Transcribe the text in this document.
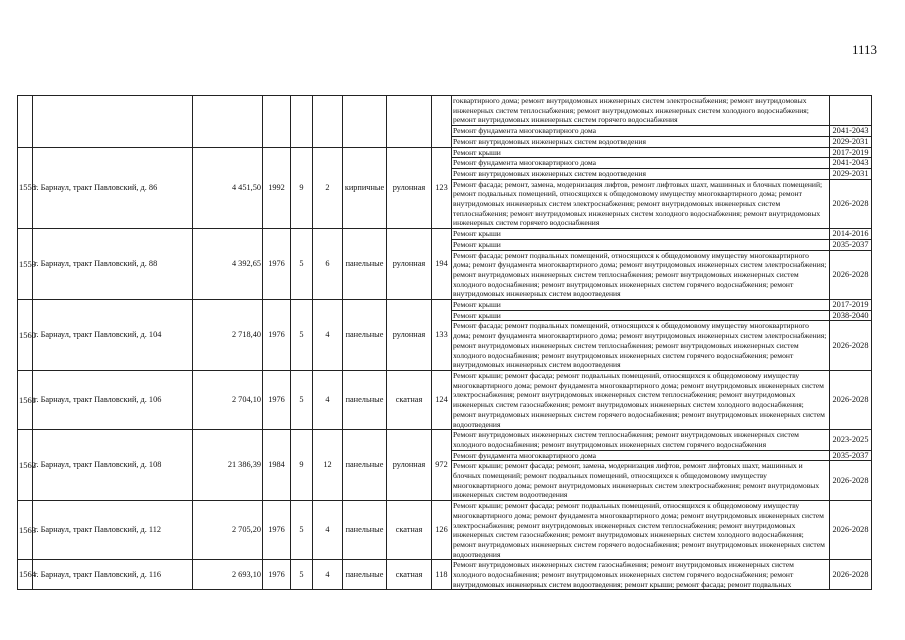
1113
									гоквартирного дома; ремонт внутридомовых инженерных систем электроснабжения; ремонт внутридомовых инженерных систем теплоснабжения; ремонт внутридомовых инженерных систем холодного водоснабжения; ремонт внутридомовых инженерных систем горячего водоснабжения	
									Ремонт фундамента многоквартирного дома	2041-2043
									Ремонт внутридомовых инженерных систем водоотведения	2029-2031
1558	г. Барнаул, тракт Павловский, д. 86	4 451,50	1992	9	2	кирпичные	рулонная	123	Ремонт крыши	2017-2019
									Ремонт фундамента многоквартирного дома	2041-2043
									Ремонт внутридомовых инженерных систем водоотведения	2029-2031
									Ремонт фасада; ремонт, замена, модернизация лифтов, ремонт лифтовых шахт, машинных и блочных помещений; ремонт подвальных помещений, относящихся к общедомовому имуществу многоквартирного дома; ремонт внутридомовых инженерных систем электроснабжения; ремонт внутридомовых инженерных систем теплоснабжения; ремонт внутридомовых инженерных систем холодного водоснабжения; ремонт внутридомовых инженерных систем горячего водоснабжения	2026-2028
1559	г. Барнаул, тракт Павловский, д. 88	4 392,65	1976	5	6	панельные	рулонная	194	Ремонт крыши	2014-2016
									Ремонт крыши	2035-2037
									Ремонт фасада; ремонт подвальных помещений, относящихся к общедомовому имуществу многоквартирного дома; ремонт фундамента многоквартирного дома; ремонт внутридомовых инженерных систем электроснабжения; ремонт внутридомовых инженерных систем теплоснабжения; ремонт внутридомовых инженерных систем холодного водоснабжения; ремонт внутридомовых инженерных систем горячего водоснабжения; ремонт внутридомовых инженерных систем водоотведения	2026-2028
1560	г. Барнаул, тракт Павловский, д. 104	2 718,40	1976	5	4	панельные	рулонная	133	Ремонт крыши	2017-2019
									Ремонт крыши	2038-2040
									Ремонт фасада; ремонт подвальных помещений, относящихся к общедомовому имуществу многоквартирного дома; ремонт фундамента многоквартирного дома; ремонт внутридомовых инженерных систем электроснабжения; ремонт внутридомовых инженерных систем теплоснабжения; ремонт внутридомовых инженерных систем холодного водоснабжения; ремонт внутридомовых инженерных систем горячего водоснабжения; ремонт внутридомовых инженерных систем водоотведения	2026-2028
1561	г. Барнаул, тракт Павловский, д. 106	2 704,10	1976	5	4	панельные	скатная	124	Ремонт крыши; ремонт фасада; ремонт подвальных помещений, относящихся к общедомовому имуществу многоквартирного дома; ремонт фундамента многоквартирного дома; ремонт внутридомовых инженерных систем электроснабжения; ремонт внутридомовых инженерных систем теплоснабжения; ремонт внутридомовых инженерных систем газоснабжения; ремонт внутридомовых инженерных систем холодного водоснабжения; ремонт внутридомовых инженерных систем горячего водоснабжения; ремонт внутридомовых инженерных систем водоотведения	2026-2028
1562	г. Барнаул, тракт Павловский, д. 108	21 386,39	1984	9	12	панельные	рулонная	972	Ремонт внутридомовых инженерных систем теплоснабжения; ремонт внутридомовых инженерных систем холодного водоснабжения; ремонт внутридомовых инженерных систем горячего водоснабжения	2023-2025
									Ремонт фундамента многоквартирного дома	2035-2037
									Ремонт крыши; ремонт фасада; ремонт, замена, модернизация лифтов, ремонт лифтовых шахт, машинных и блочных помещений; ремонт подвальных помещений, относящихся к общедомовому имуществу многоквартирного дома; ремонт внутридомовых инженерных систем электроснабжения; ремонт внутридомовых инженерных систем водоотведения	2026-2028
1563	г. Барнаул, тракт Павловский, д. 112	2 705,20	1976	5	4	панельные	скатная	126	Ремонт крыши; ремонт фасада; ремонт подвальных помещений, относящихся к общедомовому имуществу многоквартирного дома; ремонт фундамента многоквартирного дома; ремонт внутридомовых инженерных систем электроснабжения; ремонт внутридомовых инженерных систем теплоснабжения; ремонт внутридомовых инженерных систем газоснабжения; ремонт внутридомовых инженерных систем холодного водоснабжения; ремонт внутридомовых инженерных систем горячего водоснабжения; ремонт внутридомовых инженерных систем водоотведения	2026-2028
1564	г. Барнаул, тракт Павловский, д. 116	2 693,10	1976	5	4	панельные	скатная	118	Ремонт внутридомовых инженерных систем газоснабжения; ремонт внутридомовых инженерных систем холодного водоснабжения; ремонт внутридомовых инженерных систем горячего водоснабжения; ремонт внутридомовых инженерных систем водоотведения; ремонт крыши; ремонт фасада; ремонт подвальных	2026-2028
